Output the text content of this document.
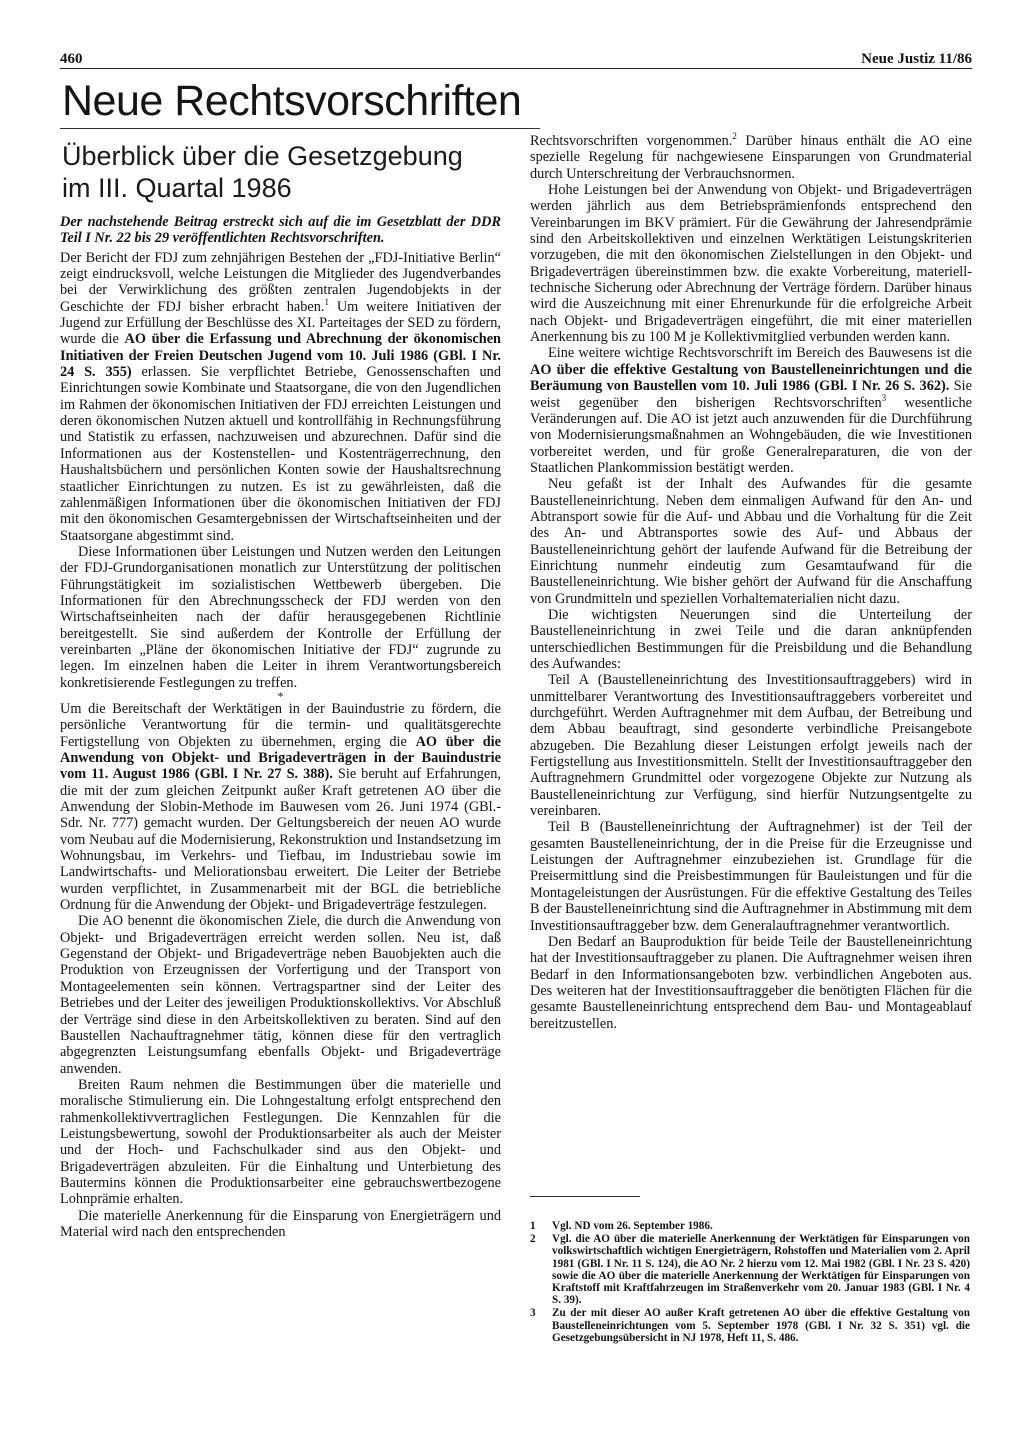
460	Neue Justiz 11/86
Neue Rechtsvorschriften
Überblick über die Gesetzgebung
im III. Quartal 1986

Der nachstehende Beitrag erstreckt sich auf die im Gesetzblatt der DDR Teil I Nr. 22 bis 29 veröffentlichten Rechtsvorschriften.

Der Bericht der FDJ zum zehnjährigen Bestehen der „FDJ-Initiative Berlin“ zeigt eindrucksvoll, welche Leistungen die Mitglieder des Jugendverbandes bei der Verwirklichung des größten zentralen Jugendobjekts in der Geschichte der FDJ bisher erbracht haben.$^1$ Um weitere Initiativen der Jugend zur Erfüllung der Beschlüsse des XI. Parteitages der SED zu fördern, wurde die AO über die Erfassung und Abrechnung der ökonomischen Initiativen der Freien Deutschen Jugend vom 10. Juli 1986 (GBl. I Nr. 24 S. 355) erlassen. Sie verpflichtet Betriebe, Genossenschaften und Einrichtungen sowie Kombinate und Staatsorgane, die von den Jugendlichen im Rahmen der ökonomischen Initiativen der FDJ erreichten Leistungen und deren ökonomischen Nutzen aktuell und kontrollfähig in Rechnungsführung und Statistik zu erfassen, nachzuweisen und abzurechnen. Dafür sind die Informationen aus der Kostenstellen- und Kostenträgerrechnung, den Haushaltsbüchern und persönlichen Konten sowie der Haushaltsrechnung staatlicher Einrichtungen zu nutzen. Es ist zu gewährleisten, daß die zahlenmäßigen Informationen über die ökonomischen Initiativen der FDJ mit den ökonomischen Gesamtergebnissen der Wirtschaftseinheiten und der Staatsorgane abgestimmt sind.

Diese Informationen über Leistungen und Nutzen werden den Leitungen der FDJ-Grundorganisationen monatlich zur Unterstützung der politischen Führungstätigkeit im sozialistischen Wettbewerb übergeben. Die Informationen für den Abrechnungsscheck der FDJ werden von den Wirtschaftseinheiten nach der dafür herausgegebenen Richtlinie bereitgestellt. Sie sind außerdem der Kontrolle der Erfüllung der vereinbarten „Pläne der ökonomischen Initiative der FDJ“ zugrunde zu legen. Im einzelnen haben die Leiter in ihrem Verantwortungsbereich konkretisierende Festlegungen zu treffen.

*

Um die Bereitschaft der Werktätigen in der Bauindustrie zu fördern, die persönliche Verantwortung für die termin- und qualitätsgerechte Fertigstellung von Objekten zu übernehmen, erging die AO über die Anwendung von Objekt- und Brigadeverträgen in der Bauindustrie vom 11. August 1986 (GBl. I Nr. 27 S. 388). Sie beruht auf Erfahrungen, die mit der zum gleichen Zeitpunkt außer Kraft getretenen AO über die Anwendung der Slobin-Methode im Bauwesen vom 26. Juni 1974 (GBl.-Sdr. Nr. 777) gemacht wurden. Der Geltungsbereich der neuen AO wurde vom Neubau auf die Modernisierung, Rekonstruktion und Instandsetzung im Wohnungsbau, im Verkehrs- und Tiefbau, im Industriebau sowie im Landwirtschafts- und Meliorationsbau erweitert. Die Leiter der Betriebe wurden verpflichtet, in Zusammenarbeit mit der BGL die betriebliche Ordnung für die Anwendung der Objekt- und Brigadeverträge festzulegen.

Die AO benennt die ökonomischen Ziele, die durch die Anwendung von Objekt- und Brigadeverträgen erreicht werden sollen. Neu ist, daß Gegenstand der Objekt- und Brigadeverträge neben Bauobjekten auch die Produktion von Erzeugnissen der Vorfertigung und der Transport von Montageelementen sein können. Vertragspartner sind der Leiter des Betriebes und der Leiter des jeweiligen Produktionskollektivs. Vor Abschluß der Verträge sind diese in den Arbeitskollektiven zu beraten. Sind auf den Baustellen Nachauftragnehmer tätig, können diese für den vertraglich abgegrenzten Leistungsumfang ebenfalls Objekt- und Brigadeverträge anwenden.

Breiten Raum nehmen die Bestimmungen über die materielle und moralische Stimulierung ein. Die Lohngestaltung erfolgt entsprechend den rahmenkollektivvertraglichen Festlegungen. Die Kennzahlen für die Leistungsbewertung, sowohl der Produktionsarbeiter als auch der Meister und der Hoch- und Fachschulkader sind aus den Objekt- und Brigadeverträgen abzuleiten. Für die Einhaltung und Unterbietung des Bautermins können die Produktionsarbeiter eine gebrauchswertbezogene Lohnprämie erhalten.

Die materielle Anerkennung für die Einsparung von Energieträgern und Material wird nach den entsprechenden

Rechtsvorschriften vorgenommen.$^2$ Darüber hinaus enthält die AO eine spezielle Regelung für nachgewiesene Einsparungen von Grundmaterial durch Unterschreitung der Verbrauchsnormen.

Hohe Leistungen bei der Anwendung von Objekt- und Brigadeverträgen werden jährlich aus dem Betriebsprämienfonds entsprechend den Vereinbarungen im BKV prämiert. Für die Gewährung der Jahresendprämie sind den Arbeitskollektiven und einzelnen Werktätigen Leistungskriterien vorzugeben, die mit den ökonomischen Zielstellungen in den Objekt- und Brigadeverträgen übereinstimmen bzw. die exakte Vorbereitung, materiell-technische Sicherung oder Abrechnung der Verträge fördern. Darüber hinaus wird die Auszeichnung mit einer Ehrenurkunde für die erfolgreiche Arbeit nach Objekt- und Brigadeverträgen eingeführt, die mit einer materiellen Anerkennung bis zu 100 M je Kollektivmitglied verbunden werden kann.

Eine weitere wichtige Rechtsvorschrift im Bereich des Bauwesens ist die AO über die effektive Gestaltung von Baustelleneinrichtungen und die Beräumung von Baustellen vom 10. Juli 1986 (GBl. I Nr. 26 S. 362). Sie weist gegenüber den bisherigen Rechtsvorschriften$^3$ wesentliche Veränderungen auf. Die AO ist jetzt auch anzuwenden für die Durchführung von Modernisierungsmaßnahmen an Wohngebäuden, die wie Investitionen vorbereitet werden, und für große Generalreparaturen, die von der Staatlichen Plankommission bestätigt werden.

Neu gefaßt ist der Inhalt des Aufwandes für die gesamte Baustelleneinrichtung. Neben dem einmaligen Aufwand für den An- und Abtransport sowie für die Auf- und Abbau und die Vorhaltung für die Zeit des An- und Abtransportes sowie des Auf- und Abbaus der Baustelleneinrichtung gehört der laufende Aufwand für die Betreibung der Einrichtung nunmehr eindeutig zum Gesamtaufwand für die Baustelleneinrichtung. Wie bisher gehört der Aufwand für die Anschaffung von Grundmitteln und speziellen Vorhaltematerialien nicht dazu.

Die wichtigsten Neuerungen sind die Unterteilung der Baustelleneinrichtung in zwei Teile und die daran anknüpfenden unterschiedlichen Bestimmungen für die Preisbildung und die Behandlung des Aufwandes:

Teil A (Baustelleneinrichtung des Investitionsauftraggebers) wird in unmittelbarer Verantwortung des Investitionsauftraggebers vorbereitet und durchgeführt. Werden Auftragnehmer mit dem Aufbau, der Betreibung und dem Abbau beauftragt, sind gesonderte verbindliche Preisangebote abzugeben. Die Bezahlung dieser Leistungen erfolgt jeweils nach der Fertigstellung aus Investitionsmitteln. Stellt der Investitionsauftraggeber den Auftragnehmern Grundmittel oder vorgezogene Objekte zur Nutzung als Baustelleneinrichtung zur Verfügung, sind hierfür Nutzungsentgelte zu vereinbaren.

Teil B (Baustelleneinrichtung der Auftragnehmer) ist der Teil der gesamten Baustelleneinrichtung, der in die Preise für die Erzeugnisse und Leistungen der Auftragnehmer einzubeziehen ist. Grundlage für die Preisermittlung sind die Preisbestimmungen für Bauleistungen und für die Montageleistungen der Ausrüstungen. Für die effektive Gestaltung des Teiles B der Baustelleneinrichtung sind die Auftragnehmer in Abstimmung mit dem Investitionsauftraggeber bzw. dem Generalauftragnehmer verantwortlich.

Den Bedarf an Bauproduktion für beide Teile der Baustelleneinrichtung hat der Investitionsauftraggeber zu planen. Die Auftragnehmer weisen ihren Bedarf in den Informationsangeboten bzw. verbindlichen Angeboten aus. Des weiteren hat der Investitionsauftraggeber die benötigten Flächen für die gesamte Baustelleneinrichtung entsprechend dem Bau- und Montageablauf bereitzustellen.

1	Vgl. ND vom 26. September 1986.
2	Vgl. die AO über die materielle Anerkennung der Werktätigen für Einsparungen von volkswirtschaftlich wichtigen Energieträgern, Rohstoffen und Materialien vom 2. April 1981 (GBl. I Nr. 11 S. 124), die AO Nr. 2 hierzu vom 12. Mai 1982 (GBl. I Nr. 23 S. 420) sowie die AO über die materielle Anerkennung der Werktätigen für Einsparungen von Kraftstoff mit Kraftfahrzeugen im Straßenverkehr vom 20. Januar 1983 (GBl. I Nr. 4 S. 39).
3	Zu der mit dieser AO außer Kraft getretenen AO über die effektive Gestaltung von Baustelleneinrichtungen vom 5. September 1978 (GBl. I Nr. 32 S. 351) vgl. die Gesetzgebungsübersicht in NJ 1978, Heft 11, S. 486.
